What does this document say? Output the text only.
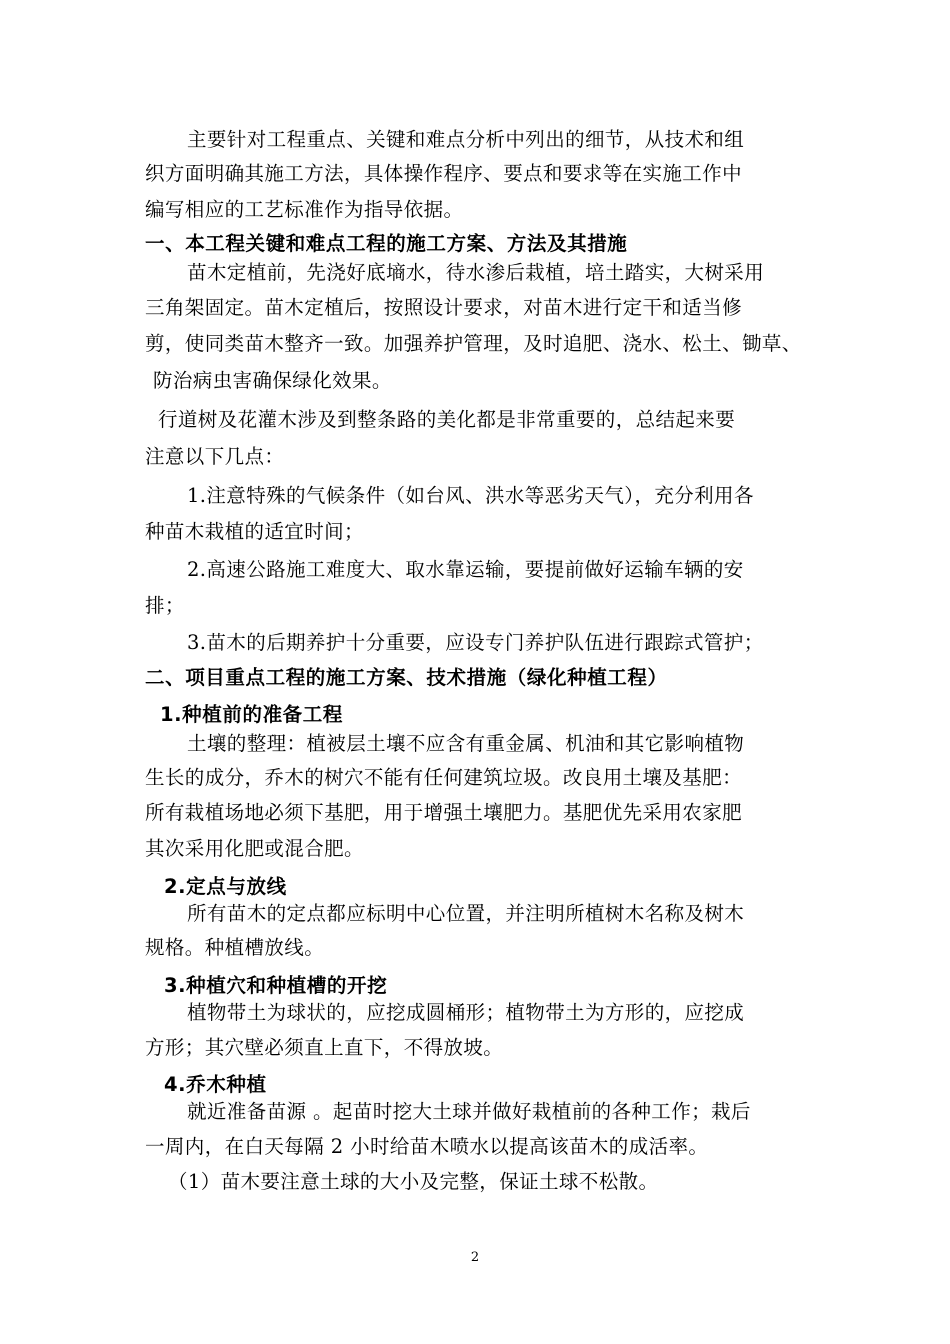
主要针对工程重点、关键和难点分析中列出的细节，从技术和组
织方面明确其施工方法，具体操作程序、要点和要求等在实施工作中
编写相应的工艺标准作为指导依据。
一、本工程关键和难点工程的施工方案、方法及其措施
苗木定植前，先浇好底墒水，待水渗后栽植，培土踏实，大树采用
三角架固定。苗木定植后，按照设计要求，对苗木进行定干和适当修
剪，使同类苗木整齐一致。加强养护管理，及时追肥、浇水、松土、锄草、
防治病虫害确保绿化效果。
行道树及花灌木涉及到整条路的美化都是非常重要的，总结起来要
注意以下几点：
1.注意特殊的气候条件（如台风、洪水等恶劣天气），充分利用各
种苗木栽植的适宜时间；
2.高速公路施工难度大、取水靠运输，要提前做好运输车辆的安
排；
3.苗木的后期养护十分重要，应设专门养护队伍进行跟踪式管护；
二、项目重点工程的施工方案、技术措施（绿化种植工程）
1.种植前的准备工程
土壤的整理：植被层土壤不应含有重金属、机油和其它影响植物
生长的成分，乔木的树穴不能有任何建筑垃圾。改良用土壤及基肥：
所有栽植场地必须下基肥，用于增强土壤肥力。基肥优先采用农家肥
其次采用化肥或混合肥。
2.定点与放线
所有苗木的定点都应标明中心位置，并注明所植树木名称及树木
规格。种植槽放线。
3.种植穴和种植槽的开挖
植物带土为球状的，应挖成圆桶形；植物带土为方形的，应挖成
方形；其穴壁必须直上直下，不得放坡。
4.乔木种植
就近准备苗源 。起苗时挖大土球并做好栽植前的各种工作；栽后
一周内，在白天每隔 2 小时给苗木喷水以提高该苗木的成活率。
（1）苗木要注意土球的大小及完整，保证土球不松散。
2
